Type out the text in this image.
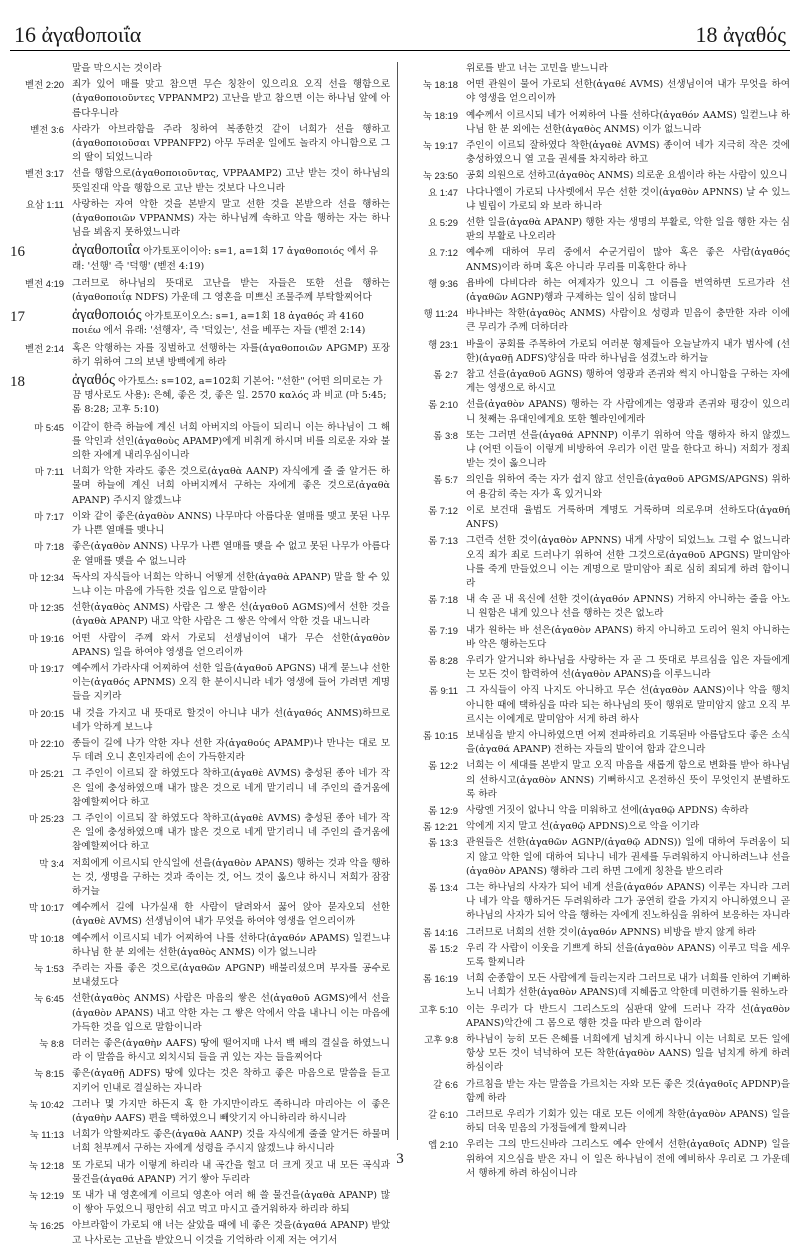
16 ἀγαθοποιΐα	18 ἀγαθός
말을 막으시는 것이라
벧전 2:20 죄가 있어 매를 맞고 참으면 무슨 칭찬이 있으리요 오직 선을 행함으로(ἀγαθοποιοῦντες VPPANMP2) 고난을 받고 참으면 이는 하나님 앞에 아름다우니라
벧전 3:6 사라가 아브라함을 주라 칭하여 복종한것 같이 너희가 선을 행하고(ἀγαθοποιοῦσαι VPPANFP2) 아무 두려운 일에도 놀라지 아니함으로 그의 딸이 되었느니라
벧전 3:17 선을 행함으로(ἀγαθοποιοῦντας, VPPAAMP2) 고난 받는 것이 하나님의 뜻일진대 악을 행함으로 고난 받는 것보다 나으니라
요삼 1:11 사랑하는 자여 악한 것을 본받지 말고 선한 것을 본받으라 선을 행하는(ἀγαθοποιῶν VPPANMS) 자는 하나님께 속하고 악을 행하는 자는 하나님을 뵈옵지 못하였느니라
16	ἀγαθοποιΐα 아가토포이이아: s=1, a=1회 17 ἀγαθοποιός 에서 유래: '선행' 즉 '덕행' (벧전 4:19)
벧전 4:19 그러므로 하나님의 뜻대로 고난을 받는 자들은 또한 선을 행하는(ἀγαθοποιΐᾳ NDFS) 가운데 그 영혼을 미쁘신 조물주께 부탁할찌어다
17	ἀγαθοποιός 아가토포이오스: s=1, a=1회 18 ἀγαθός 과 4160 ποιέω 에서 유래: '선행자', 즉 '덕있는', 선을 베푸는 자들 (벧전 2:14)
벧전 2:14 혹은 악행하는 자를 징벌하고 선행하는 자를(ἀγαθοποιῶν APGMP) 포장하기 위하여 그의 보낸 방백에게 하라
18	ἀγαθός 아가토스: s=102, a=102회 기본어: "선한" (어떤 의미로는 가끔 명사로도 사용): 은혜, 좋은 것, 좋은 일. 2570 καλός 과 비교 (마 5:45; 롬 8:28; 고후 5:10)
마 5:45 이같이 한즉 하늘에 계신 너희 아버지의 아들이 되리니 이는 하나님이 그 해를 악인과 선인(ἀγαθοὺς APAMP)에게 비취게 하시며 비를 의로운 자와 불의한 자에게 내리우심이니라
마 7:11 너희가 악한 자라도 좋은 것으로(ἀγαθὰ AANP) 자식에게 줄 줄 알거든 하물며 하늘에 계신 너희 아버지께서 구하는 자에게 좋은 것으로(ἀγαθὰ APANP) 주시지 않겠느냐
마 7:17 이와 같이 좋은(ἀγαθὸν ANNS) 나무마다 아름다운 열매를 맺고 못된 나무가 나쁜 열매를 맺나니
마 7:18 좋은(ἀγαθὸν ANNS) 나무가 나쁜 열매를 맺을 수 없고 못된 나무가 아름다운 열매를 맺을 수 없느니라
마 12:34 독사의 자식들아 너희는 악하니 어떻게 선한(ἀγαθὰ APANP) 말을 할 수 있느냐 이는 마음에 가득한 것을 입으로 말함이라
마 12:35 선한(ἀγαθὸς ANMS) 사람은 그 쌓은 선(ἀγαθοῦ AGMS)에서 선한 것을(ἀγαθὰ APANP) 내고 악한 사람은 그 쌓은 악에서 악한 것을 내느니라
마 19:16 어떤 사람이 주께 와서 가로되 선생님이여 내가 무슨 선한(ἀγαθὸν APANS) 일을 하여야 영생을 얻으리이까
마 19:17 예수께서 가라사대 어찌하여 선한 일을(ἀγαθοῦ APGNS) 내게 묻느냐 선한 이는(ἀγαθός APNMS) 오직 한 분이시니라 네가 영생에 들어 가려면 계명들을 지키라
마 20:15 내 것을 가지고 내 뜻대로 할것이 아니냐 내가 선(ἀγαθός ANMS)하므로 네가 악하게 보느냐
마 22:10 종들이 길에 나가 악한 자나 선한 자(ἀγαθούς APAMP)나 만나는 대로 모두 데려 오니 혼인자리에 손이 가득한지라
마 25:21 그 주인이 이르되 잘 하였도다 착하고(ἀγαθὲ AVMS) 충성된 종아 네가 작은 일에 충성하였으매 내가 많은 것으로 네게 맡기리니 네 주인의 즐거움에 참예할찌어다 하고
마 25:23 그 주인이 이르되 잘 하였도다 착하고(ἀγαθὲ AVMS) 충성된 종아 네가 작은 일에 충성하였으매 내가 많은 것으로 네게 맡기리니 네 주인의 즐거움에 참예할찌어다 하고
막 3:4 저희에게 이르시되 안식일에 선을(ἀγαθὸν APANS) 행하는 것과 악을 행하는 것, 생명을 구하는 것과 죽이는 것, 어느 것이 옳으냐 하시니 저희가 잠잠하거늘
막 10:17 예수께서 길에 나가실새 한 사람이 달려와서 꿇어 앉아 묻자오되 선한(ἀγαθὲ AVMS) 선생님이여 내가 무엇을 하여야 영생을 얻으리이까
막 10:18 예수께서 이르시되 네가 어찌하여 나를 선하다(ἀγαθόν APAMS) 일컫느냐 하나님 한 분 외에는 선한(ἀγαθὸς ANMS) 이가 없느니라
눅 1:53 주리는 자를 좋은 것으로(ἀγαθῶν APGNP) 배불리셨으며 부자를 공수로 보내셨도다
눅 6:45 선한(ἀγαθὸς ANMS) 사람은 마음의 쌓은 선(ἀγαθοῦ AGMS)에서 선을(ἀγαθὸν APANS) 내고 악한 자는 그 쌓은 악에서 악을 내나니 이는 마음에 가득한 것을 입으로 말함이니라
눅 8:8 더러는 좋은(ἀγαθὴν AAFS) 땅에 떨어지매 나서 백 배의 결실을 하였느니라 이 말씀을 하시고 외치시되 들을 귀 있는 자는 들을찌어다
눅 8:15 좋은(ἀγαθῇ ADFS) 땅에 있다는 것은 착하고 좋은 마음으로 말씀을 듣고 지키어 인내로 결실하는 자니라
눅 10:42 그러나 몇 가지만 하든지 혹 한 가지만이라도 족하니라 마리아는 이 좋은(ἀγαθὴν AAFS) 편을 택하였으니 빼앗기지 아니하리라 하시니라
눅 11:13 너희가 악할찌라도 좋은(ἀγαθὰ AANP) 것을 자식에게 줄줄 알거든 하물며 너희 천부께서 구하는 자에게 성령을 주시지 않겠느냐 하시니라
눅 12:18 또 가로되 내가 이렇게 하리라 내 곡간을 헐고 더 크게 짓고 내 모든 곡식과 물건을(ἀγαθά APANP) 거기 쌓아 두리라
눅 12:19 또 내가 내 영혼에게 이르되 영혼아 여러 해 쓸 물건을(ἀγαθὰ APANP) 많이 쌓아 두었으니 평안히 쉬고 먹고 마시고 즐거워하자 하리라 하되
눅 16:25 아브라함이 가로되 얘 너는 살았을 때에 네 좋은 것을(ἀγαθά APANP) 받았고 나사로는 고난을 받았으니 이것을 기억하라 이제 저는 여기서
위로를 받고 너는 고민을 받느니라
눅 18:18 어떤 관원이 물어 가로되 선한(ἀγαθέ AVMS) 선생님이여 내가 무엇을 하여야 영생을 얻으리이까
눅 18:19 예수께서 이르시되 네가 어찌하여 나를 선하다(ἀγαθόν AAMS) 일컫느냐 하나님 한 분 외에는 선한(ἀγαθὸς ANMS) 이가 없느니라
눅 19:17 주인이 이르되 잘하였다 착한(ἀγαθὲ AVMS) 종이여 네가 지극히 작은 것에 충성하였으니 열 고을 권세를 차지하라 하고
눅 23:50 공회 의원으로 선하고(ἀγαθὸς ANMS) 의로운 요셉이라 하는 사람이 있으니
요 1:47 나다나엘이 가로되 나사렛에서 무슨 선한 것이(ἀγαθὸν APNNS) 날 수 있느냐 빌립이 가로되 와 보라 하니라
요 5:29 선한 일을(ἀγαθὰ APANP) 행한 자는 생명의 부활로, 악한 일을 행한 자는 심판의 부활로 나오리라
요 7:12 예수께 대하여 무리 중에서 수군거림이 많아 혹은 좋은 사람(ἀγαθός ANMS)이라 하며 혹은 아니라 무리를 미혹한다 하나
행 9:36 욥바에 다비다라 하는 여제자가 있으니 그 이름을 번역하면 도르가라 선(ἀγαθῶν AGNP)행과 구제하는 일이 심히 많더니
행 11:24 바나바는 착한(ἀγαθὸς ANMS) 사람이요 성령과 믿음이 충만한 자라 이에 큰 무리가 주께 더하더라
행 23:1 바울이 공회를 주목하여 가로되 여러분 형제들아 오늘날까지 내가 범사에 (선한)(ἀγαθῇ ADFS)양심을 따라 하나님을 섬겼노라 하거늘
롬 2:7 참고 선을(ἀγαθοῦ AGNS) 행하여 영광과 존귀와 썩지 아니함을 구하는 자에게는 영생으로 하시고
롬 2:10 선을(ἀγαθὸν APANS) 행하는 각 사람에게는 영광과 존귀와 평강이 있으리니 첫째는 유대인에게요 또한 헬라인에게라
롬 3:8 또는 그러면 선을(ἀγαθά APNNP) 이루기 위하여 악을 행하자 하지 않겠느냐 (어떤 이들이 이렇게 비방하여 우리가 이런 말을 한다고 하니) 저희가 정죄 받는 것이 옳으니라
롬 5:7 의인을 위하여 죽는 자가 쉽지 않고 선인을(ἀγαθοῦ APGMS/APGNS) 위하여 용감히 죽는 자가 혹 있거니와
롬 7:12 이로 보건대 율법도 거룩하며 계명도 거룩하며 의로우며 선하도다(ἀγαθή ANFS)
롬 7:13 그런즉 선한 것이(ἀγαθὸν APNNS) 내게 사망이 되었느뇨 그럴 수 없느니라 오직 죄가 죄로 드러나기 위하여 선한 그것으로(ἀγαθοῦ APGNS) 말미암아 나를 죽게 만들었으니 이는 계명으로 말미암아 죄로 심히 죄되게 하려 함이니라
롬 7:18 내 속 곧 내 육신에 선한 것이(ἀγαθόν APNNS) 거하지 아니하는 줄을 아노니 원함은 내게 있으나 선을 행하는 것은 없노라
롬 7:19 내가 원하는 바 선은(ἀγαθὸν APANS) 하지 아니하고 도리어 원치 아니하는 바 악은 행하는도다
롬 8:28 우리가 알거니와 하나님을 사랑하는 자 곧 그 뜻대로 부르심을 입은 자들에게는 모든 것이 합력하여 선(ἀγαθὸν APANS)을 이루느니라
롬 9:11 그 자식들이 아직 나지도 아니하고 무슨 선(ἀγαθὸν AANS)이나 악을 행치 아니한 때에 택하심을 따라 되는 하나님의 뜻이 행위로 말미암지 않고 오직 부르시는 이에게로 말미암아 서게 하려 하사
롬 10:15 보내심을 받지 아니하였으면 어찌 전파하리요 기록된바 아름답도다 좋은 소식을(ἀγαθά APANP) 전하는 자들의 발이여 함과 같으니라
롬 12:2 너희는 이 세대를 본받지 말고 오직 마음을 새롭게 함으로 변화를 받아 하나님의 선하시고(ἀγαθὸν ANNS) 기뻐하시고 온전하신 뜻이 무엇인지 분별하도록 하라
롬 12:9 사랑엔 거짓이 없나니 악을 미워하고 선에(ἀγαθῷ APDNS) 속하라
롬 12:21 악에게 지지 말고 선(ἀγαθῷ APDNS)으로 악을 이기라
롬 13:3 관원들은 선한(ἀγαθῶν AGNP/(ἀγαθῷ ADNS)) 일에 대하여 두려움이 되지 않고 악한 일에 대하여 되나니 네가 권세를 두려워하지 아니하려느냐 선을(ἀγαθὸν APANS) 행하라 그리 하면 그에게 칭찬을 받으리라
롬 13:4 그는 하나님의 사자가 되어 네게 선을(ἀγαθόν APANS) 이루는 자니라 그러나 네가 악을 행하거든 두려워하라 그가 공연히 칼을 가지지 아니하였으니 곧 하나님의 사자가 되어 악을 행하는 자에게 진노하심을 위하여 보응하는 자니라
롬 14:16 그러므로 너희의 선한 것이(ἀγαθόν APNNS) 비방을 받지 않게 하라
롬 15:2 우리 각 사람이 이웃을 기쁘게 하되 선을(ἀγαθὸν APANS) 이루고 덕을 세우도록 할찌니라
롬 16:19 너희 순종함이 모든 사람에게 들리는지라 그러므로 내가 너희를 인하여 기뻐하노니 너희가 선한(ἀγαθὸν APANS)데 지혜롭고 악한데 미련하기를 원하노라
고후 5:10 이는 우리가 다 반드시 그리스도의 심판대 앞에 드러나 각각 선(ἀγαθὸν APANS)악간에 그 몸으로 행한 것을 따라 받으려 함이라
고후 9:8 하나님이 능히 모든 은혜를 너희에게 넘치게 하시나니 이는 너희로 모든 일에 항상 모든 것이 넉넉하여 모든 착한(ἀγαθὸν AANS) 일을 넘치게 하게 하려 하심이라
갈 6:6 가르침을 받는 자는 말씀을 가르치는 자와 모든 좋은 것(ἀγαθοῖς APDNP)을 함께 하라
갈 6:10 그러므로 우리가 기회가 있는 대로 모든 이에게 착한(ἀγαθὸν APANS) 일을 하되 더욱 믿음의 가정들에게 할찌니라
엡 2:10 우리는 그의 만드신바라 그리스도 예수 안에서 선한(ἀγαθοῖς ADNP) 일을 위하여 지으심을 받은 자니 이 일은 하나님이 전에 예비하사 우리로 그 가운데서 행하게 하려 하심이니라
3
